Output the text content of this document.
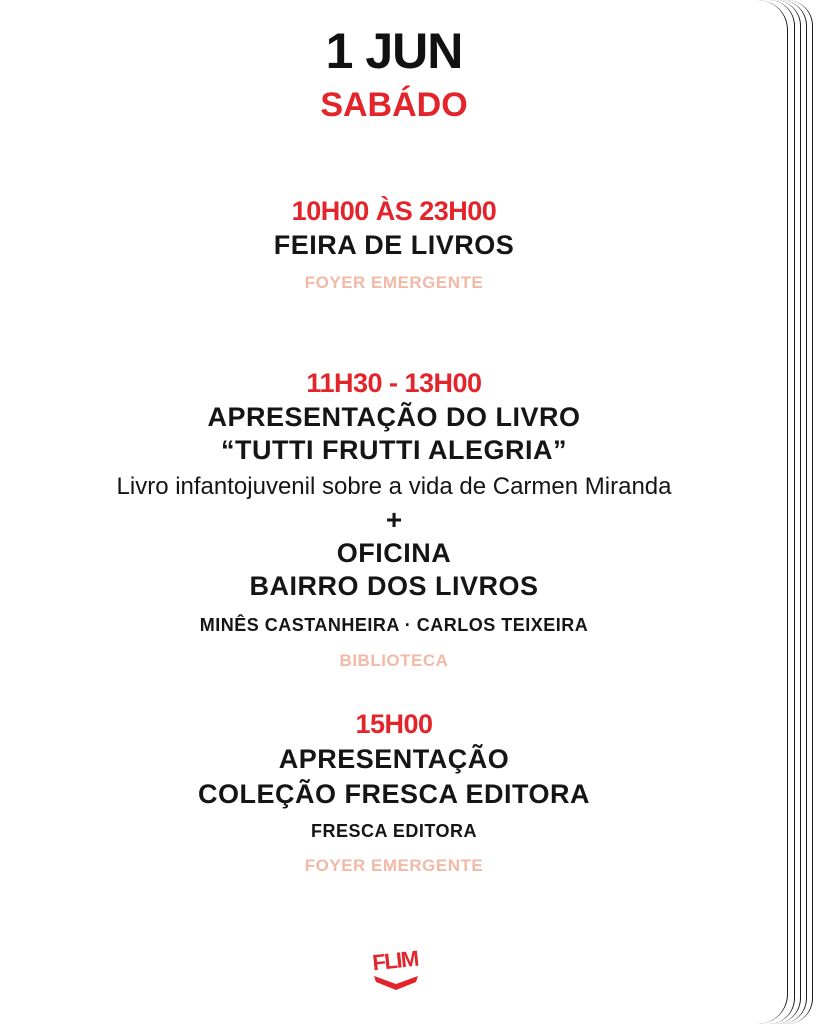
1 JUN
SABÁDO
10H00 ÀS 23H00
FEIRA DE LIVROS
FOYER EMERGENTE
11H30 - 13H00
APRESENTAÇÃO DO LIVRO
“TUTTI FRUTTI ALEGRIA”
Livro infantojuvenil sobre a vida de Carmen Miranda
+
OFICINA
BAIRRO DOS LIVROS
MINÊS CASTANHEIRA · CARLOS TEIXEIRA
BIBLIOTECA
15H00
APRESENTAÇÃO
COLEÇÃO FRESCA EDITORA
FRESCA EDITORA
FOYER EMERGENTE
FLIM
